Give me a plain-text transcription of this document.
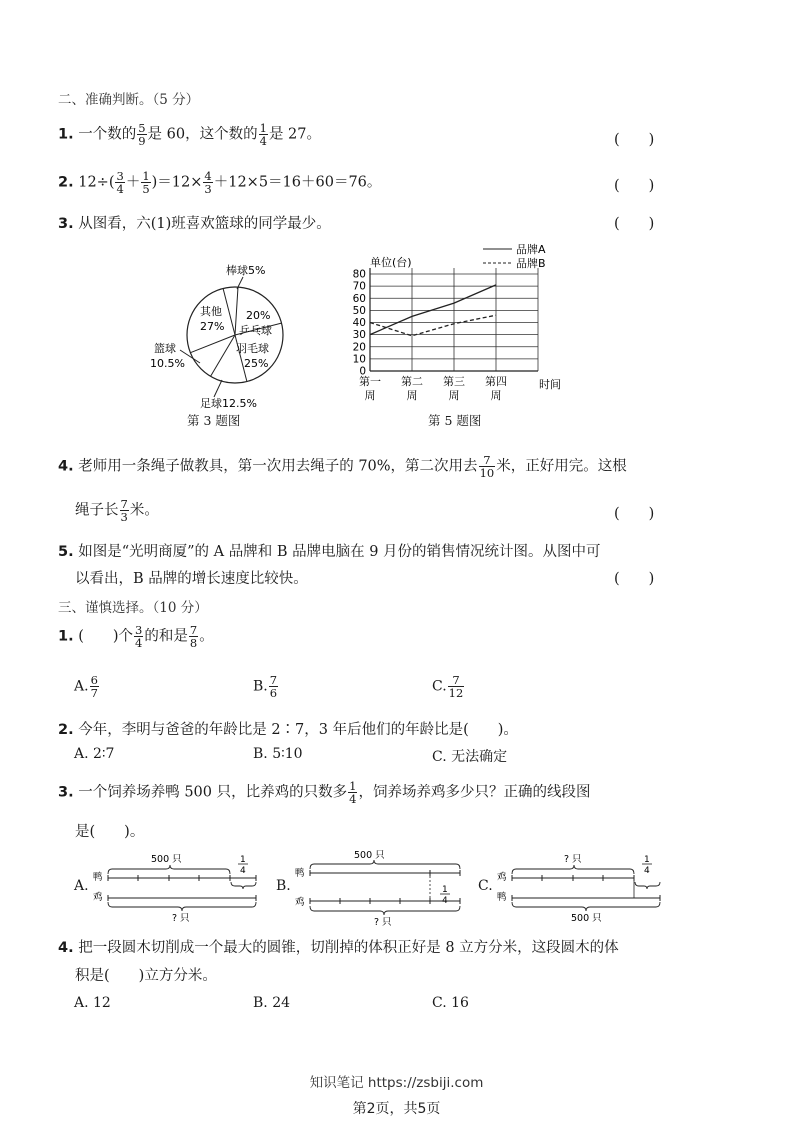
二、准确判断。（5 分）
1. 一个数的 $\frac{5}{9}$ 是 60，这个数的 $\frac{1}{4}$ 是 27。	(　　)
2. $12\div( \frac{3}{4} + \frac{1}{5} )=12\times \frac{4}{3} +12\times 5=16+60=76$。	(　　)
3. 从图看，六(1)班喜欢篮球的同学最少。	(　　)
棒球5%
其他
27%
20%
乒乓球
羽毛球
25%
篮球
10.5%
足球12.5%
第 3 题图
单位(台)
0
10
20
30
40
50
60
70
80
第一
周
第二
周
第三
周
第四
周
时间
品牌A
品牌B
第 5 题图
4. 老师用一条绳子做教具，第一次用去绳子的 70%，第二次用去 $\frac{7}{10}$ 米，正好用完。这根
绳子长 $\frac{7}{3}$ 米。	(　　)
5. 如图是“光明商厦”的 A 品牌和 B 品牌电脑在 9 月份的销售情况统计图。从图中可
以看出，B 品牌的增长速度比较快。	(　　)
三、谨慎选择。（10 分）
1. (　　)个 $\frac{3}{4}$ 的和是 $\frac{7}{8}$ 。
A. $\frac{6}{7}$	B. $\frac{7}{6}$	C. $\frac{7}{12}$
2. 今年，李明与爸爸的年龄比是 2∶7，3 年后他们的年龄比是(　　)。
A. 2∶7	B. 5∶10	C. 无法确定
3. 一个饲养场养鸭 500 只，比养鸡的只数多 $\frac{1}{4}$ ，饲养场养鸡多少只？正确的线段图
是(　　)。
A.
500 只
鸭
1
4
鸡
? 只
B.
500 只
鸭
鸡
1
4
? 只
C.
? 只
鸡
1
4
鸭
500 只
4. 把一段圆木切削成一个最大的圆锥，切削掉的体积正好是 8 立方分米，这段圆木的体
积是(　　)立方分米。
A. 12	B. 24	C. 16
知识笔记 https://zsbiji.com
第2页，共5页
